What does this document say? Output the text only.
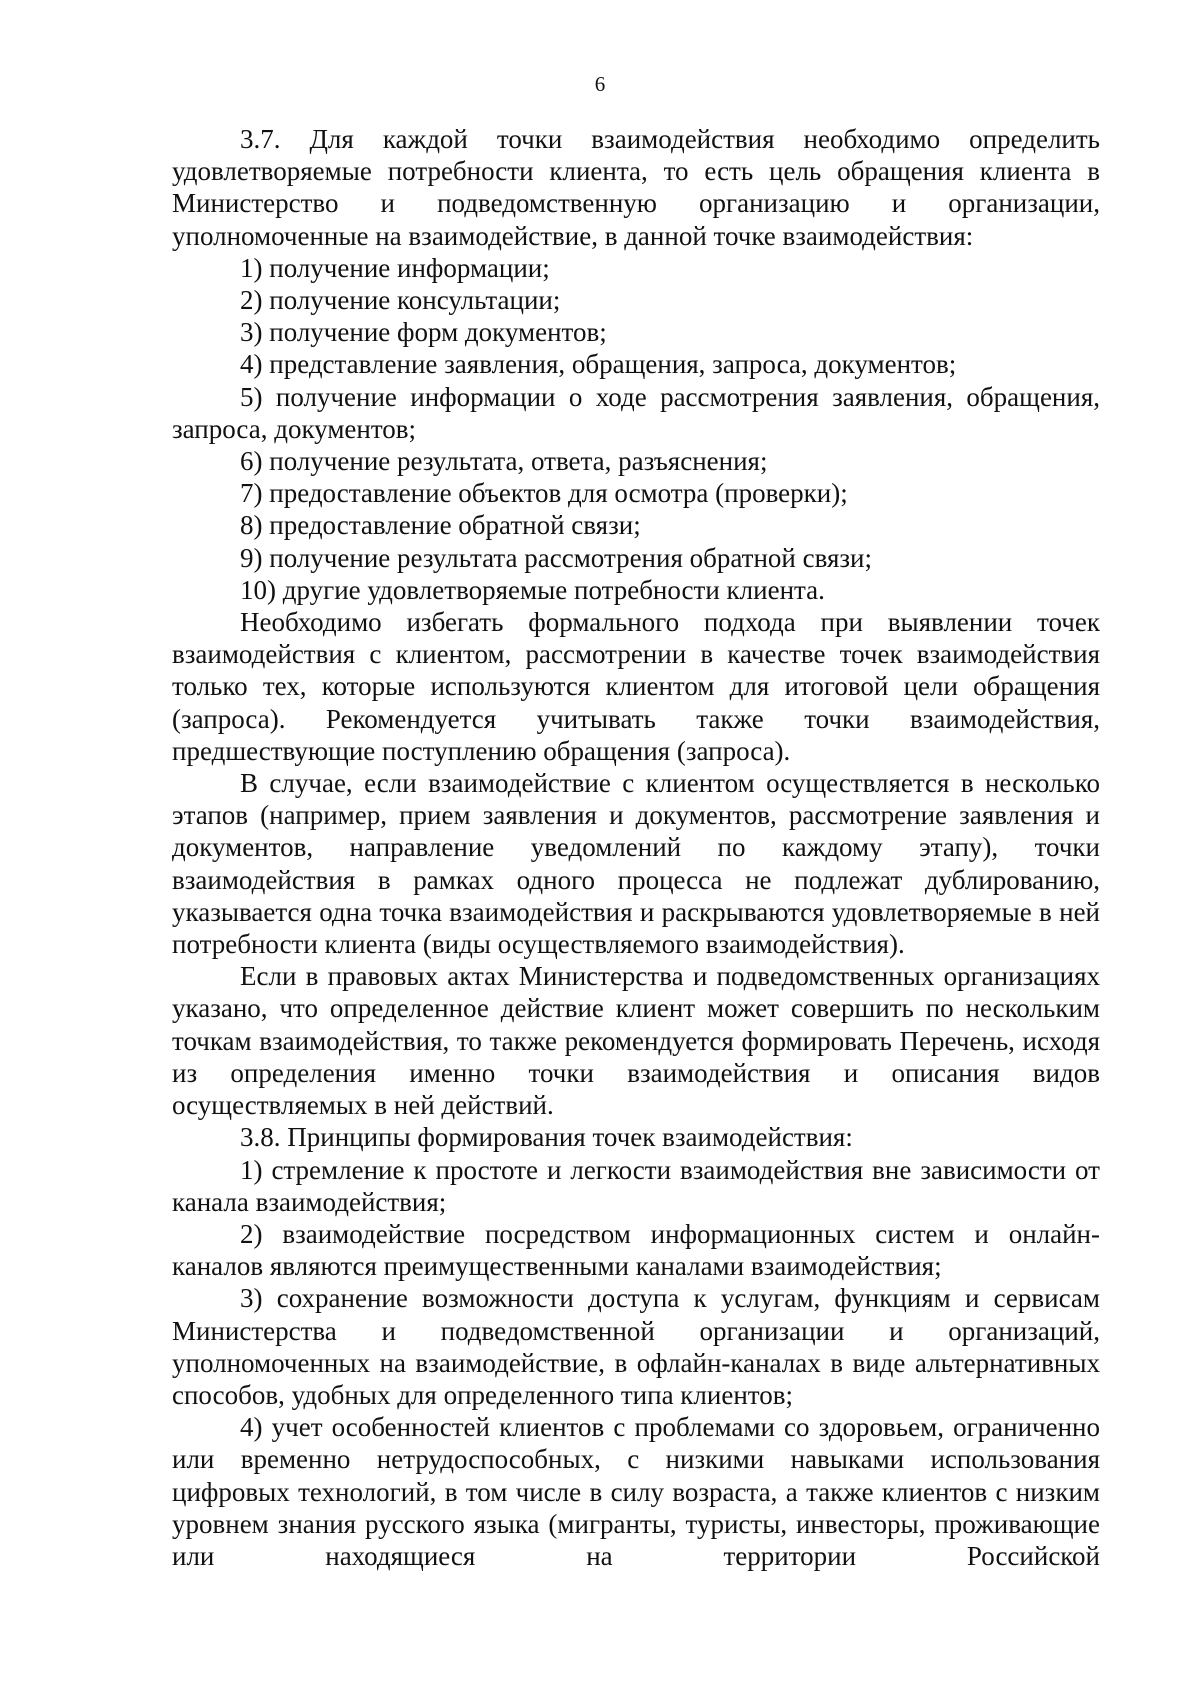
6

3.7. Для каждой точки взаимодействия необходимо определить удовлетворяемые потребности клиента, то есть цель обращения клиента в Министерство и подведомственную организацию и организации, уполномоченные на взаимодействие, в данной точке взаимодействия:

1) получение информации;

2) получение консультации;

3) получение форм документов;

4) представление заявления, обращения, запроса, документов;

5) получение информации о ходе рассмотрения заявления, обращения, запроса, документов;

6) получение результата, ответа, разъяснения;

7) предоставление объектов для осмотра (проверки);

8) предоставление обратной связи;

9) получение результата рассмотрения обратной связи;

10) другие удовлетворяемые потребности клиента.

Необходимо избегать формального подхода при выявлении точек взаимодействия с клиентом, рассмотрении в качестве точек взаимодействия только тех, которые используются клиентом для итоговой цели обращения (запроса). Рекомендуется учитывать также точки взаимодействия, предшествующие поступлению обращения (запроса).

В случае, если взаимодействие с клиентом осуществляется в несколько этапов (например, прием заявления и документов, рассмотрение заявления и документов, направление уведомлений по каждому этапу), точки взаимодействия в рамках одного процесса не подлежат дублированию, указывается одна точка взаимодействия и раскрываются удовлетворяемые в ней потребности клиента (виды осуществляемого взаимодействия).

Если в правовых актах Министерства и подведомственных организациях указано, что определенное действие клиент может совершить по нескольким точкам взаимодействия, то также рекомендуется формировать Перечень, исходя из определения именно точки взаимодействия и описания видов осуществляемых в ней действий.

3.8. Принципы формирования точек взаимодействия:

1) стремление к простоте и легкости взаимодействия вне зависимости от канала взаимодействия;

2) взаимодействие посредством информационных систем и онлайн-каналов являются преимущественными каналами взаимодействия;

3) сохранение возможности доступа к услугам, функциям и сервисам Министерства и подведомственной организации и организаций, уполномоченных на взаимодействие, в офлайн-каналах в виде альтернативных способов, удобных для определенного типа клиентов;

4) учет особенностей клиентов с проблемами со здоровьем, ограниченно или временно нетрудоспособных, с низкими навыками использования цифровых технологий, в том числе в силу возраста, а также клиентов с низким уровнем знания русского языка (мигранты, туристы, инвесторы, проживающие или находящиеся на территории Российской
